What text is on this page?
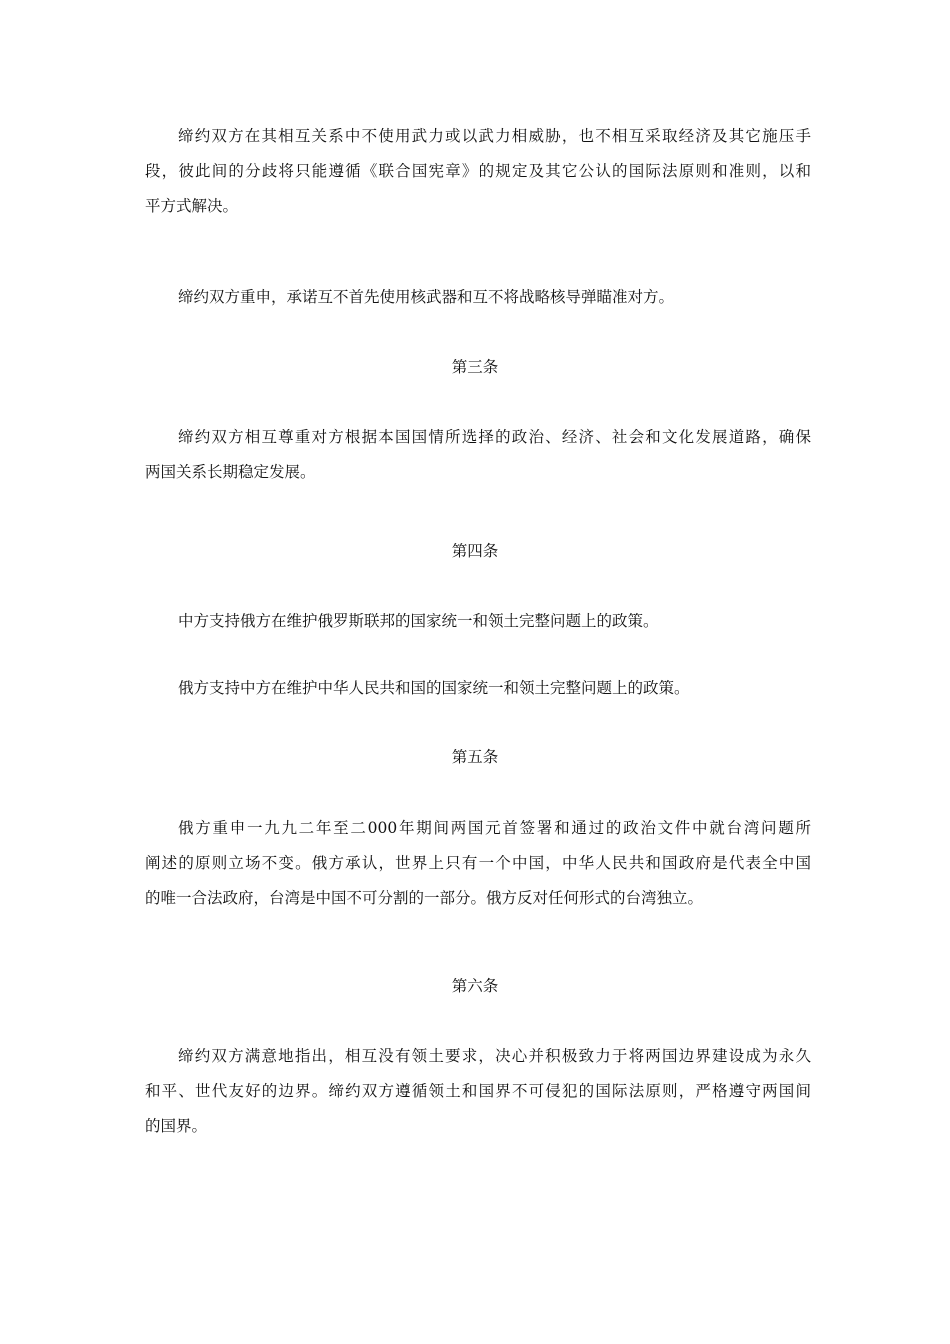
缔约双方在其相互关系中不使用武力或以武力相威胁，也不相互采取经济及其它施压手
段，彼此间的分歧将只能遵循《联合国宪章》的规定及其它公认的国际法原则和准则，以和
平方式解决。

缔约双方重申，承诺互不首先使用核武器和互不将战略核导弹瞄准对方。

第三条

缔约双方相互尊重对方根据本国国情所选择的政治、经济、社会和文化发展道路，确保
两国关系长期稳定发展。

第四条

中方支持俄方在维护俄罗斯联邦的国家统一和领土完整问题上的政策。

俄方支持中方在维护中华人民共和国的国家统一和领土完整问题上的政策。

第五条

俄方重申一九九二年至二000年期间两国元首签署和通过的政治文件中就台湾问题所
阐述的原则立场不变。俄方承认，世界上只有一个中国，中华人民共和国政府是代表全中国
的唯一合法政府，台湾是中国不可分割的一部分。俄方反对任何形式的台湾独立。

第六条

缔约双方满意地指出，相互没有领土要求，决心并积极致力于将两国边界建设成为永久
和平、世代友好的边界。缔约双方遵循领土和国界不可侵犯的国际法原则，严格遵守两国间
的国界。
